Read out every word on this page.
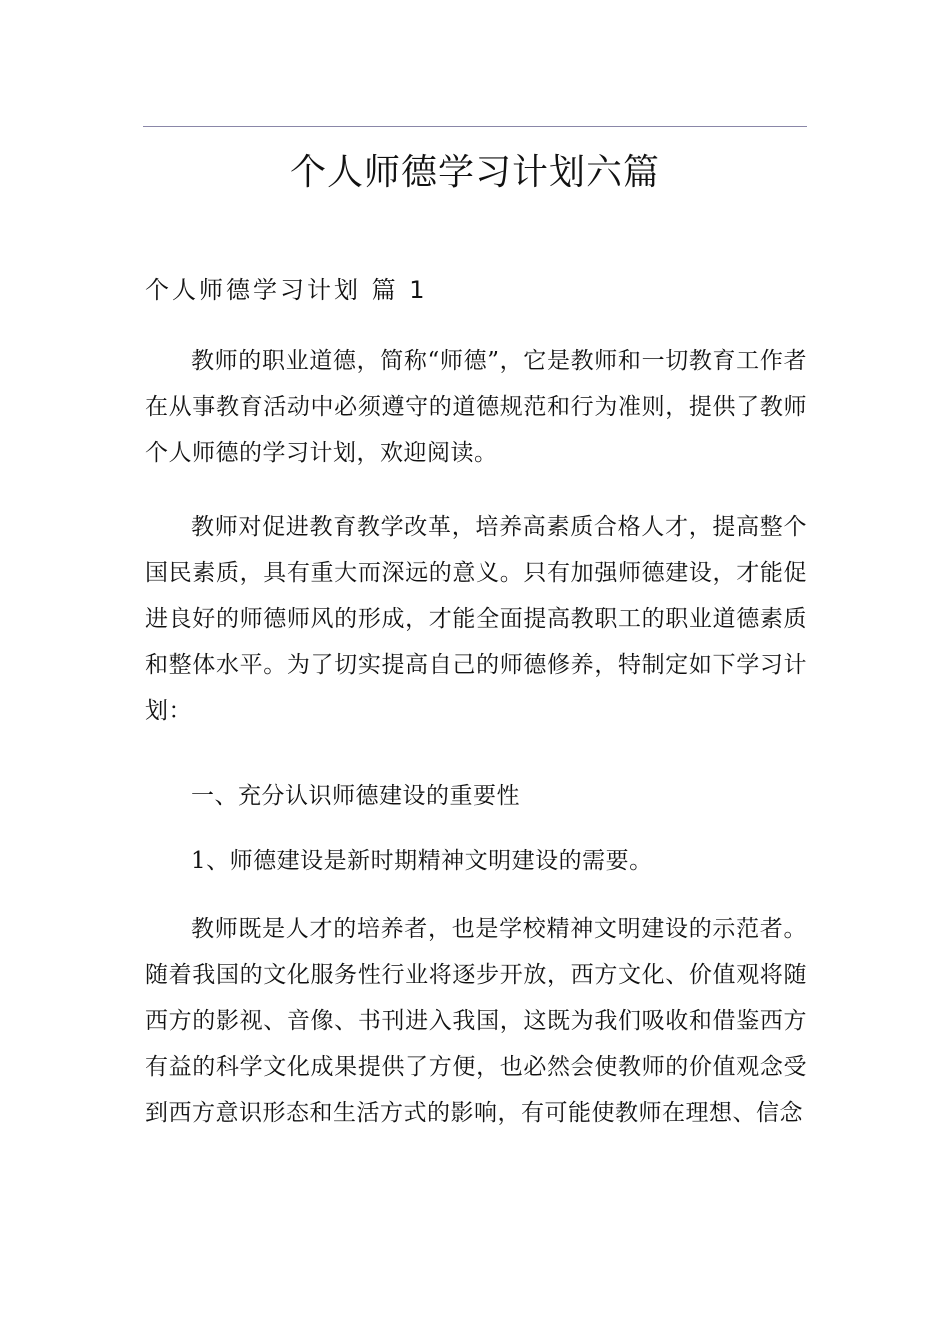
个人师德学习计划六篇
个人师德学习计划 篇 1

教师的职业道德，简称“师德”，它是教师和一切教育工作者在从事教育活动中必须遵守的道德规范和行为准则，提供了教师个人师德的学习计划，欢迎阅读。

教师对促进教育教学改革，培养高素质合格人才，提高整个国民素质，具有重大而深远的意义。只有加强师德建设，才能促进良好的师德师风的形成，才能全面提高教职工的职业道德素质和整体水平。为了切实提高自己的师德修养，特制定如下学习计划：

一、充分认识师德建设的重要性

1、师德建设是新时期精神文明建设的需要。

教师既是人才的培养者，也是学校精神文明建设的示范者。随着我国的文化服务性行业将逐步开放，西方文化、价值观将随西方的影视、音像、书刊进入我国，这既为我们吸收和借鉴西方有益的科学文化成果提供了方便，也必然会使教师的价值观念受到西方意识形态和生活方式的影响，有可能使教师在理想、信念
